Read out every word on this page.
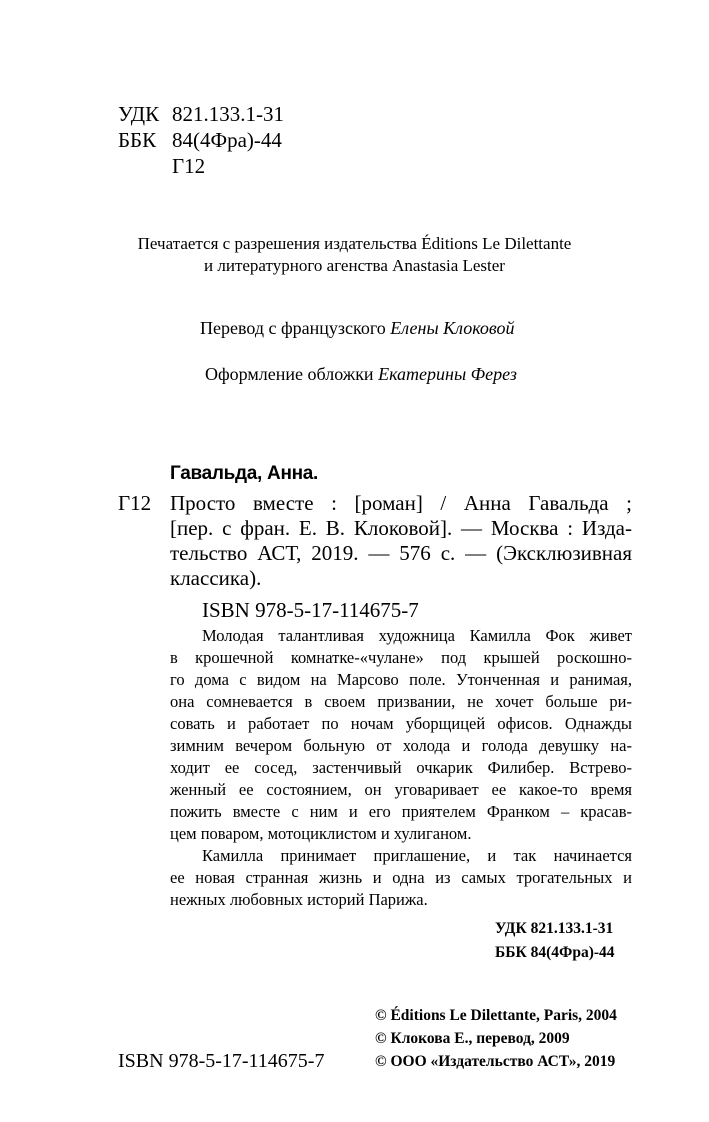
УДК 821.133.1-31
ББК 84(4Фра)-44
Г12
Печатается с разрешения издательства Éditions Le Dilettante
и литературного агенства Anastasia Lester
Перевод с французского Елены Клоковой
Оформление обложки Екатерины Ферез
Гавальда, Анна.
Г12 Просто вместе : [роман] / Анна Гавальда ;
[пер. с фран. Е. В. Клоковой]. — Москва : Изда-
тельство АСТ, 2019. — 576 с. — (Эксклюзивная
классика).
ISBN 978-5-17-114675-7
Молодая талантливая художница Камилла Фок живет
в крошечной комнатке-«чулане» под крышей роскошно-
го дома с видом на Марсово поле. Утонченная и ранимая,
она сомневается в своем призвании, не хочет больше ри-
совать и работает по ночам уборщицей офисов. Однажды
зимним вечером больную от холода и голода девушку на-
ходит ее сосед, застенчивый очкарик Филибер. Встрево-
женный ее состоянием, он уговаривает ее какое-то время
пожить вместе с ним и его приятелем Франком – красав-
цем поваром, мотоциклистом и хулиганом.
Камилла принимает приглашение, и так начинается
ее новая странная жизнь и одна из самых трогательных и
нежных любовных историй Парижа.
УДК 821.133.1-31
ББК 84(4Фра)-44
© Éditions Le Dilettante, Paris, 2004
© Клокова Е., перевод, 2009
© ООО «Издательство АСТ», 2019
ISBN 978-5-17-114675-7
